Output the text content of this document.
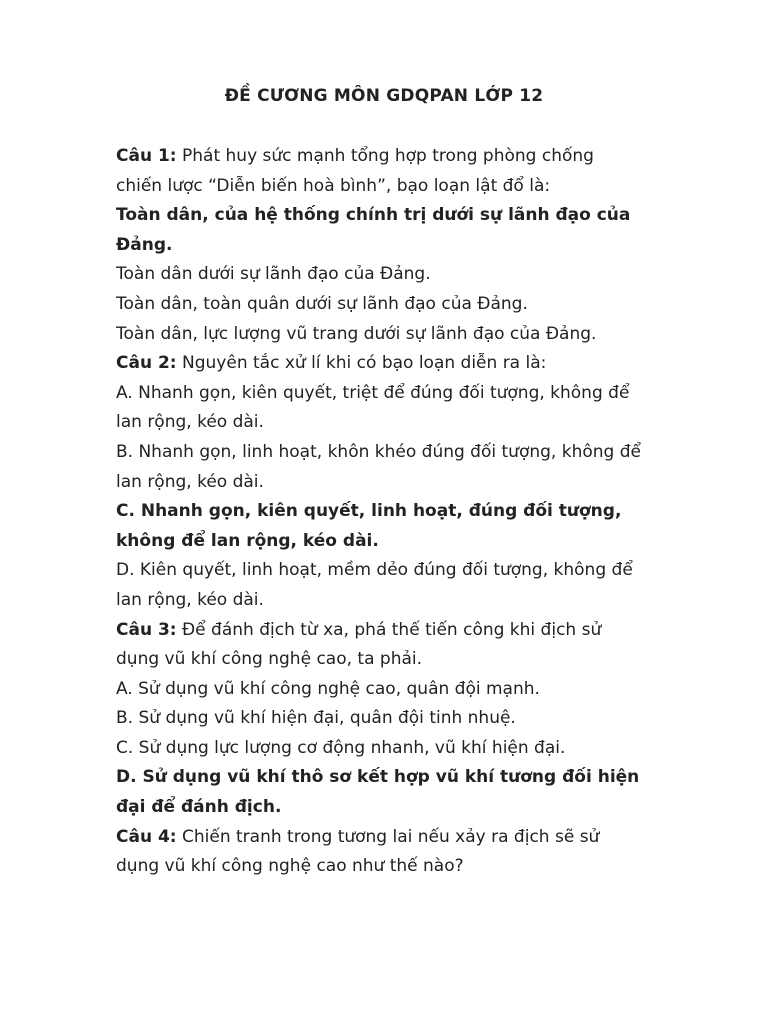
ĐỀ CƯƠNG MÔN GDQPAN LỚP 12
Câu 1: Phát huy sức mạnh tổng hợp trong phòng chống
chiến lược “Diễn biến hoà bình”, bạo loạn lật đổ là:
Toàn dân, của hệ thống chính trị dưới sự lãnh đạo của
Đảng.
Toàn dân dưới sự lãnh đạo của Đảng.
Toàn dân, toàn quân dưới sự lãnh đạo của Đảng.
Toàn dân, lực lượng vũ trang dưới sự lãnh đạo của Đảng.
Câu 2: Nguyên tắc xử lí khi có bạo loạn diễn ra là:
A. Nhanh gọn, kiên quyết, triệt để đúng đối tượng, không để
lan rộng, kéo dài.
B. Nhanh gọn, linh hoạt, khôn khéo đúng đối tượng, không để
lan rộng, kéo dài.
C. Nhanh gọn, kiên quyết, linh hoạt, đúng đối tượng,
không để lan rộng, kéo dài.
D. Kiên quyết, linh hoạt, mềm dẻo đúng đối tượng, không để
lan rộng, kéo dài.
Câu 3: Để đánh địch từ xa, phá thế tiến công khi địch sử
dụng vũ khí công nghệ cao, ta phải.
A. Sử dụng vũ khí công nghệ cao, quân đội mạnh.
B. Sử dụng vũ khí hiện đại, quân đội tinh nhuệ.
C. Sử dụng lực lượng cơ động nhanh, vũ khí hiện đại.
D. Sử dụng vũ khí thô sơ kết hợp vũ khí tương đối hiện
đại để đánh địch.
Câu 4: Chiến tranh trong tương lai nếu xảy ra địch sẽ sử
dụng vũ khí công nghệ cao như thế nào?
